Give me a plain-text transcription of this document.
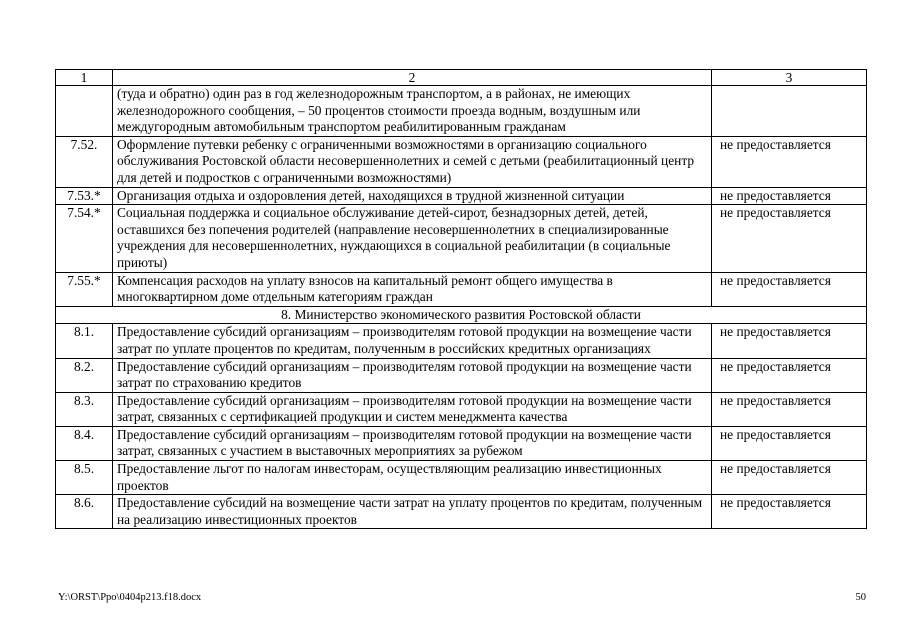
1	2	3
	(туда и обратно) один раз в год железнодорожным транспортом, а в районах, не имеющих железнодорожного сообщения, – 50 процентов стоимости проезда водным, воздушным или междугородным автомобильным транспортом реабилитированным гражданам	
7.52.	Оформление путевки ребенку с ограниченными возможностями в организацию социального обслуживания Ростовской области несовершеннолетних и семей с детьми (реабилитационный центр для детей и подростков с ограниченными возможностями)	не предоставляется
7.53.*	Организация отдыха и оздоровления детей, находящихся в трудной жизненной ситуации	не предоставляется
7.54.*	Социальная поддержка и социальное обслуживание детей-сирот, безнадзорных детей, детей, оставшихся без попечения родителей (направление несовершеннолетних в специализированные учреждения для несовершеннолетних, нуждающихся в социальной реабилитации (в социальные приюты)	не предоставляется
7.55.*	Компенсация расходов на уплату взносов на капитальный ремонт общего имущества в многоквартирном доме отдельным категориям граждан	не предоставляется
8. Министерство экономического развития Ростовской области		
8.1.	Предоставление субсидий организациям – производителям готовой продукции на возмещение части затрат по уплате процентов по кредитам, полученным в российских кредитных организациях	не предоставляется
8.2.	Предоставление субсидий организациям – производителям готовой продукции на возмещение части затрат по страхованию кредитов	не предоставляется
8.3.	Предоставление субсидий организациям – производителям готовой продукции на возмещение части затрат, связанных с сертификацией продукции и систем менеджмента качества	не предоставляется
8.4.	Предоставление субсидий организациям – производителям готовой продукции на возмещение части затрат, связанных с участием в выставочных мероприятиях за рубежом	не предоставляется
8.5.	Предоставление льгот по налогам инвесторам, осуществляющим реализацию инвестиционных проектов	не предоставляется
8.6.	Предоставление субсидий на возмещение части затрат на уплату процентов по кредитам, полученным на реализацию инвестиционных проектов	не предоставляется
Y:\ORST\Ppo\0404p213.f18.docx	50
